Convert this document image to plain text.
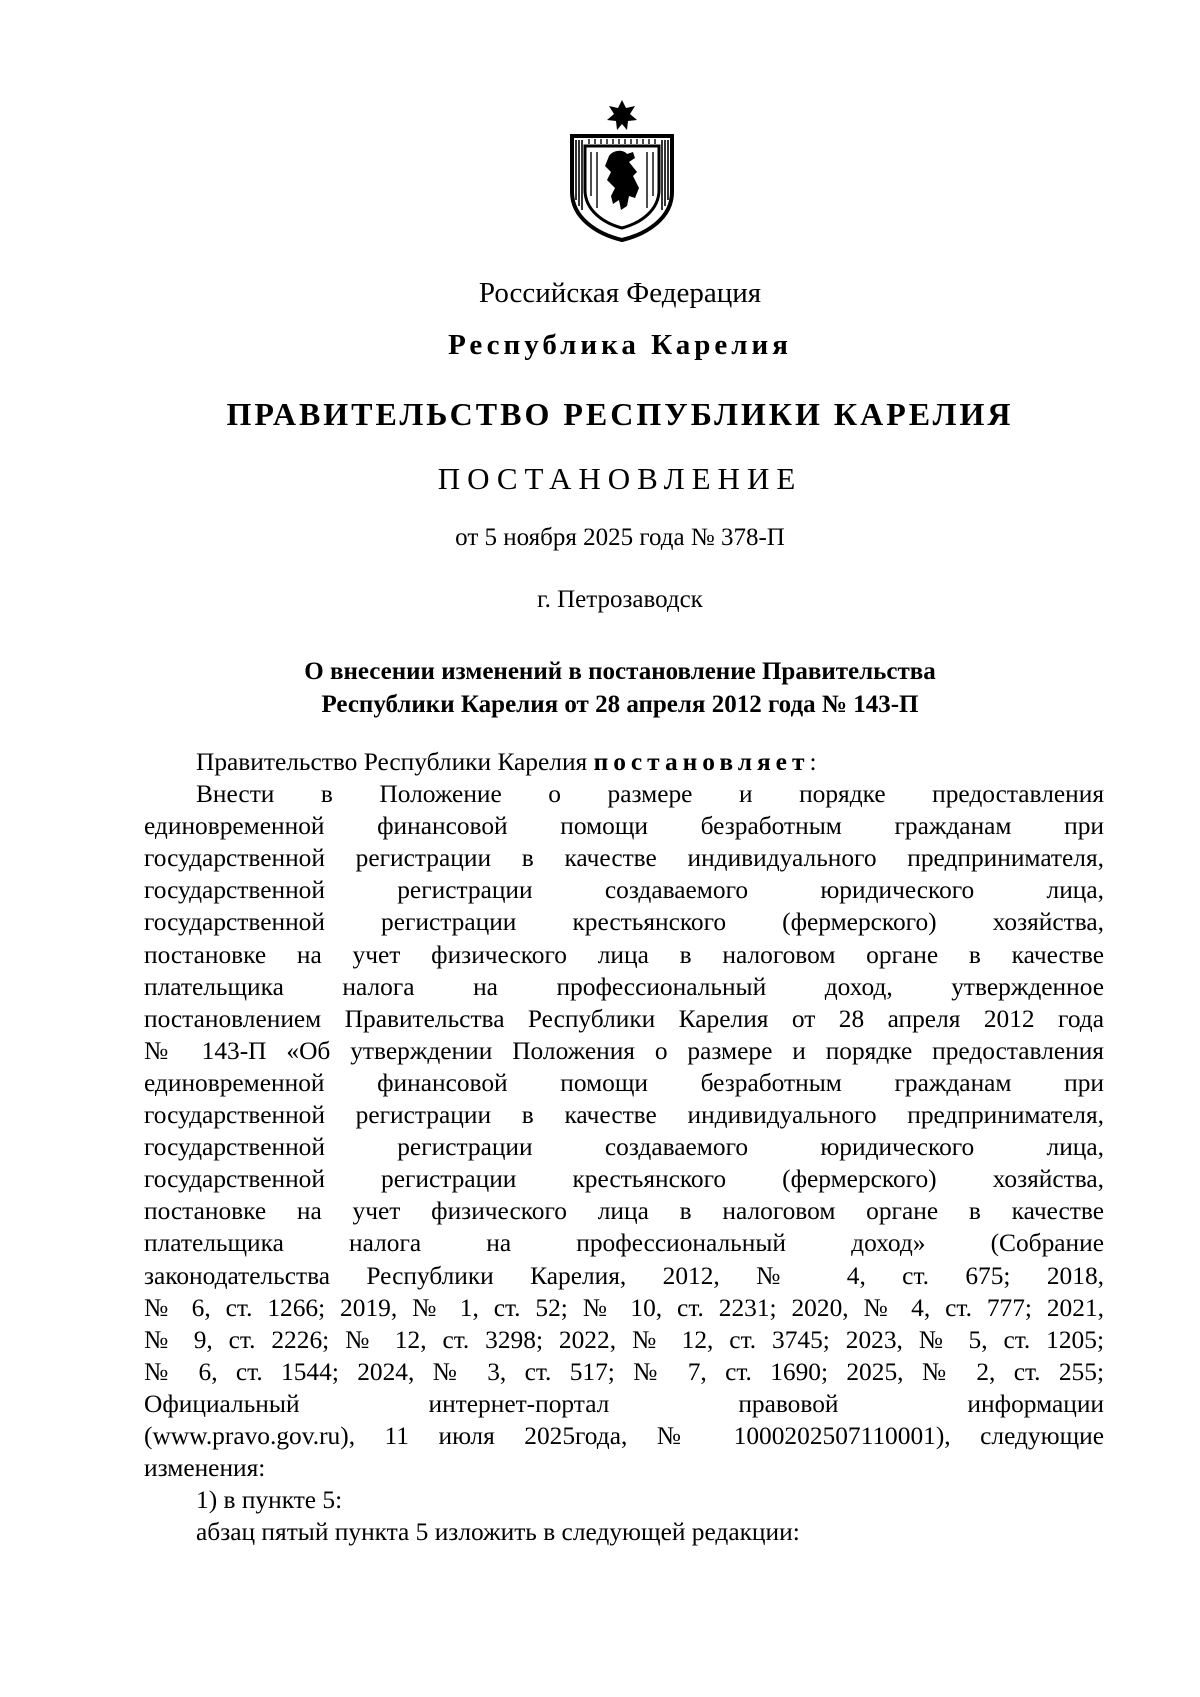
Российская Федерация
Республика Карелия
ПРАВИТЕЛЬСТВО РЕСПУБЛИКИ КАРЕЛИЯ
ПОСТАНОВЛЕНИЕ
от 5 ноября 2025 года № 378-П
г. Петрозаводск
О внесении изменений в постановление Правительства
Республики Карелия от 28 апреля 2012 года № 143-П

Правительство Республики Карелия постановляет:

Внести в Положение о размере и порядке предоставления
единовременной финансовой помощи безработным гражданам при
государственной регистрации в качестве индивидуального предпринимателя,
государственной регистрации создаваемого юридического лица,
государственной регистрации крестьянского (фермерского) хозяйства,
постановке на учет физического лица в налоговом органе в качестве
плательщика налога на профессиональный доход, утвержденное
постановлением Правительства Республики Карелия от 28 апреля 2012 года
№ 143-П «Об утверждении Положения о размере и порядке предоставления
единовременной финансовой помощи безработным гражданам при
государственной регистрации в качестве индивидуального предпринимателя,
государственной регистрации создаваемого юридического лица,
государственной регистрации крестьянского (фермерского) хозяйства,
постановке на учет физического лица в налоговом органе в качестве
плательщика налога на профессиональный доход» (Собрание
законодательства Республики Карелия, 2012, № 4, ст. 675; 2018,
№ 6, ст. 1266; 2019, № 1, ст. 52; № 10, ст. 2231; 2020, № 4, ст. 777; 2021,
№ 9, ст. 2226; № 12, ст. 3298; 2022, № 12, ст. 3745; 2023, № 5, ст. 1205;
№ 6, ст. 1544; 2024, № 3, ст. 517; № 7, ст. 1690; 2025, № 2, ст. 255;
Официальный интернет-портал правовой информации
(www.pravo.gov.ru), 11 июля 2025года, № 1000202507110001), следующие
изменения:

1) в пункте 5:

абзац пятый пункта 5 изложить в следующей редакции:
